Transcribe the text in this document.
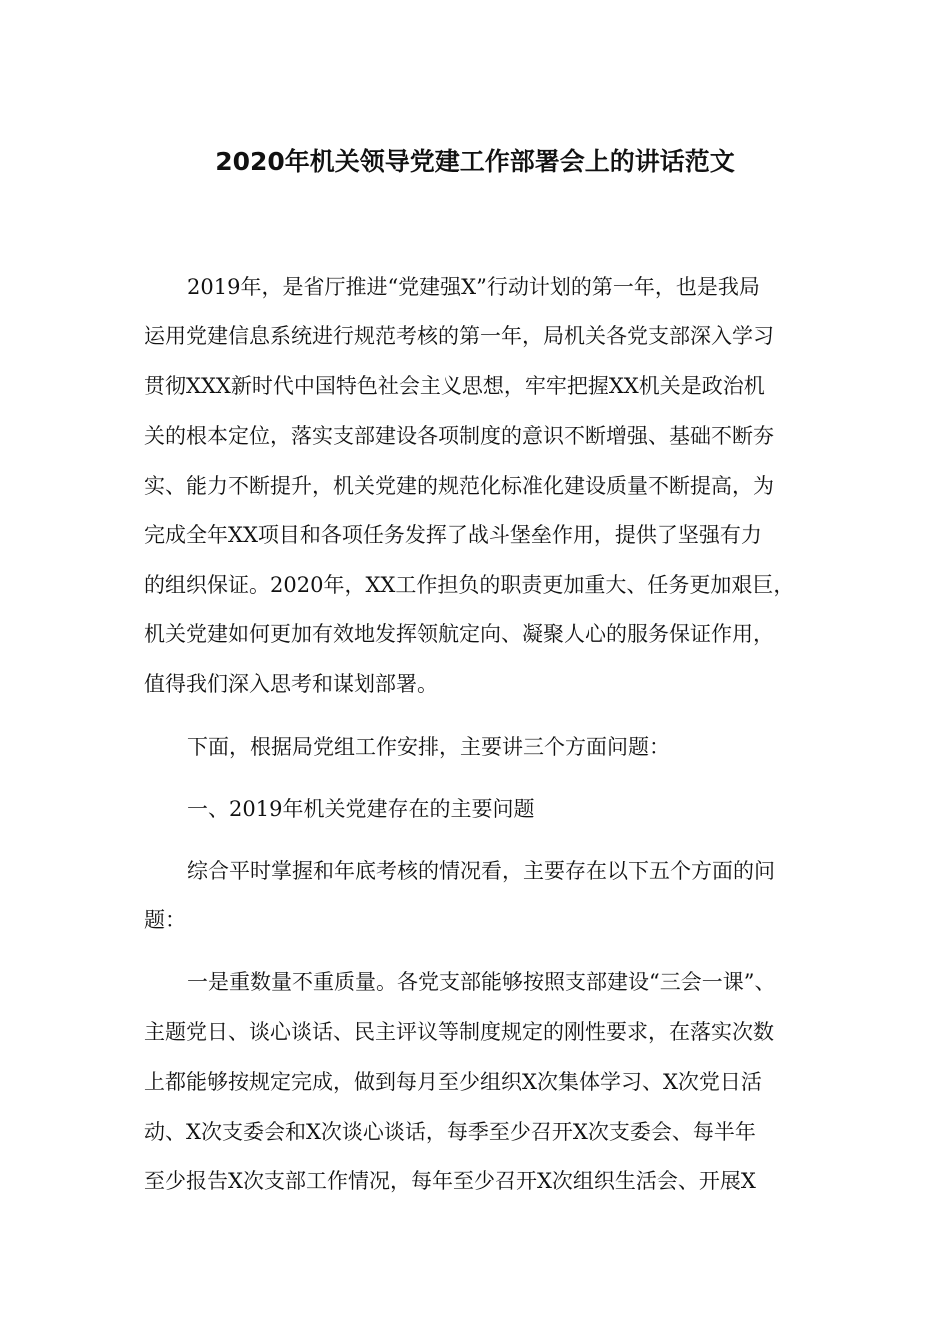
2020年机关领导党建工作部署会上的讲话范文
2019年，是省厅推进“党建强X”行动计划的第一年，也是我局
运用党建信息系统进行规范考核的第一年，局机关各党支部深入学习
贯彻XXX新时代中国特色社会主义思想，牢牢把握XX机关是政治机
关的根本定位，落实支部建设各项制度的意识不断增强、基础不断夯
实、能力不断提升，机关党建的规范化标准化建设质量不断提高，为
完成全年XX项目和各项任务发挥了战斗堡垒作用，提供了坚强有力
的组织保证。2020年，XX工作担负的职责更加重大、任务更加艰巨，
机关党建如何更加有效地发挥领航定向、凝聚人心的服务保证作用，
值得我们深入思考和谋划部署。
下面，根据局党组工作安排，主要讲三个方面问题：
一、2019年机关党建存在的主要问题
综合平时掌握和年底考核的情况看，主要存在以下五个方面的问
题：
一是重数量不重质量。各党支部能够按照支部建设“三会一课”、
主题党日、谈心谈话、民主评议等制度规定的刚性要求，在落实次数
上都能够按规定完成，做到每月至少组织X次集体学习、X次党日活
动、X次支委会和X次谈心谈话，每季至少召开X次支委会、每半年
至少报告X次支部工作情况，每年至少召开X次组织生活会、开展X
